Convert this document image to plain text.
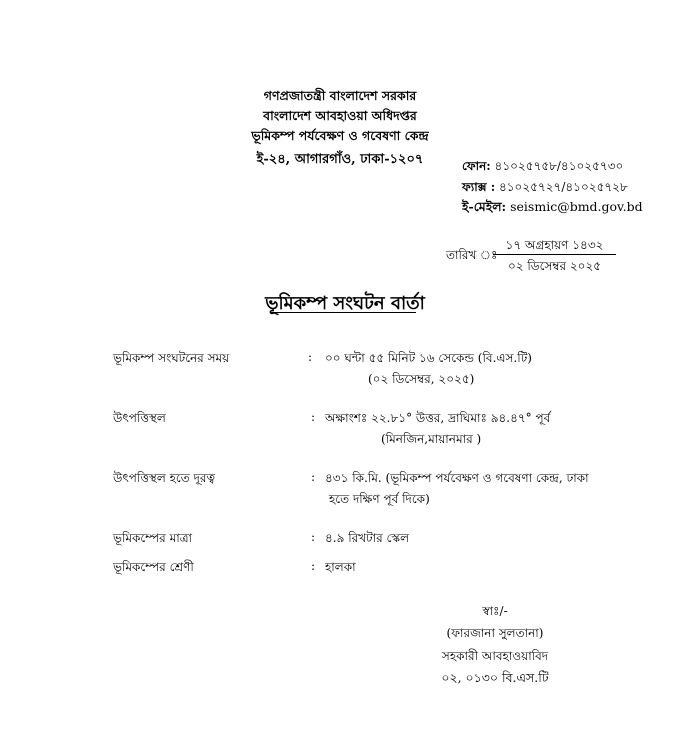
গণপ্রজাতন্ত্রী বাংলাদেশ সরকার
বাংলাদেশ আবহাওয়া অধিদপ্তর
ভূমিকম্প পর্যবেক্ষণ ও গবেষণা কেন্দ্র
ই-২৪, আগারগাঁও, ঢাকা-১২০৭	ফোন: ৪১০২৫৭৫৮/৪১০২৫৭৩০
ফ্যাক্স : ৪১০২৫৭২৭/৪১০২৫৭২৮
ই-মেইল: seismic@bmd.gov.bd
তারিখ ঃ
১৭ অগ্রহায়ণ ১৪৩২
০২ ডিসেম্বর ২০২৫
ভূমিকম্প সংঘটন বার্তা
ভূমিকম্প সংঘটনের সময়	: ০০ ঘন্টা ৫৫ মিনিট ১৬ সেকেন্ড (বি.এস.টি)
(০২ ডিসেম্বর, ২০২৫)
উৎপত্তিস্থল	: অক্ষাংশঃ ২২.৮১° উত্তর, দ্রাঘিমাঃ ৯৪.৪৭° পূর্ব
(মিনজিন,মায়ানমার )
উৎপত্তিস্থল হতে দূরত্ব	: ৪৩১ কি.মি. (ভূমিকম্প পর্যবেক্ষণ ও গবেষণা কেন্দ্র, ঢাকা
হতে দক্ষিণ পূর্ব দিকে)
ভূমিকম্পের মাত্রা	: ৪.৯ রিখটার স্কেল
ভূমিকম্পের শ্রেণী	: হালকা
স্বাঃ/-
(ফারজানা সুলতানা)
সহকারী আবহাওয়াবিদ
০২, ০১৩০ বি.এস.টি
